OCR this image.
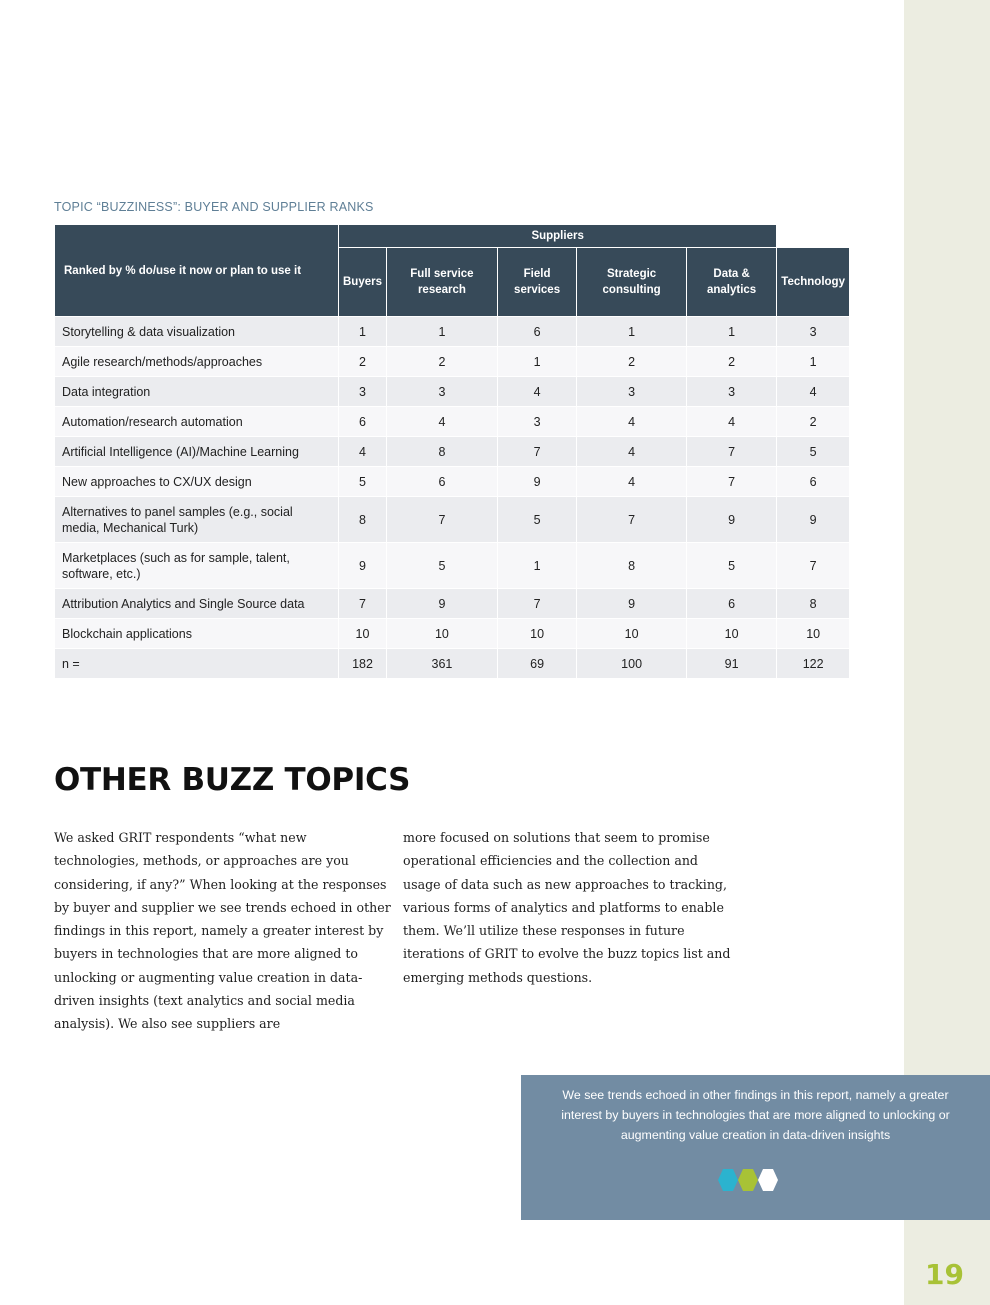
19
TOPIC “BUZZINESS”: BUYER AND SUPPLIER RANKS
Ranked by % do/use it now or plan to use it	Suppliers					
	Buyers	Full service research	Field services	Strategic consulting	Data & analytics	Technology
Storytelling & data visualization	1	1	6	1	1	3
Agile research/methods/approaches	2	2	1	2	2	1
Data integration	3	3	4	3	3	4
Automation/research automation	6	4	3	4	4	2
Artificial Intelligence (AI)/Machine Learning	4	8	7	4	7	5
New approaches to CX/UX design	5	6	9	4	7	6
Alternatives to panel samples (e.g., social media, Mechanical Turk)	8	7	5	7	9	9
Marketplaces (such as for sample, talent, software, etc.)	9	5	1	8	5	7
Attribution Analytics and Single Source data	7	9	7	9	6	8
Blockchain applications	10	10	10	10	10	10
n =	182	361	69	100	91	122
OTHER BUZZ TOPICS
We asked GRIT respondents “what new technologies, methods, or approaches are you considering, if any?” When looking at the responses by buyer and supplier we see trends echoed in other findings in this report, namely a greater interest by buyers in technologies that are more aligned to unlocking or augmenting value creation in data-driven insights (text analytics and social media analysis). We also see suppliers are
more focused on solutions that seem to promise operational efficiencies and the collection and usage of data such as new approaches to tracking, various forms of analytics and platforms to enable them. We’ll utilize these responses in future iterations of GRIT to evolve the buzz topics list and emerging methods questions.
We see trends echoed in other findings in this report, namely a greater interest by buyers in technologies that are more aligned to unlocking or augmenting value creation in data-driven insights
